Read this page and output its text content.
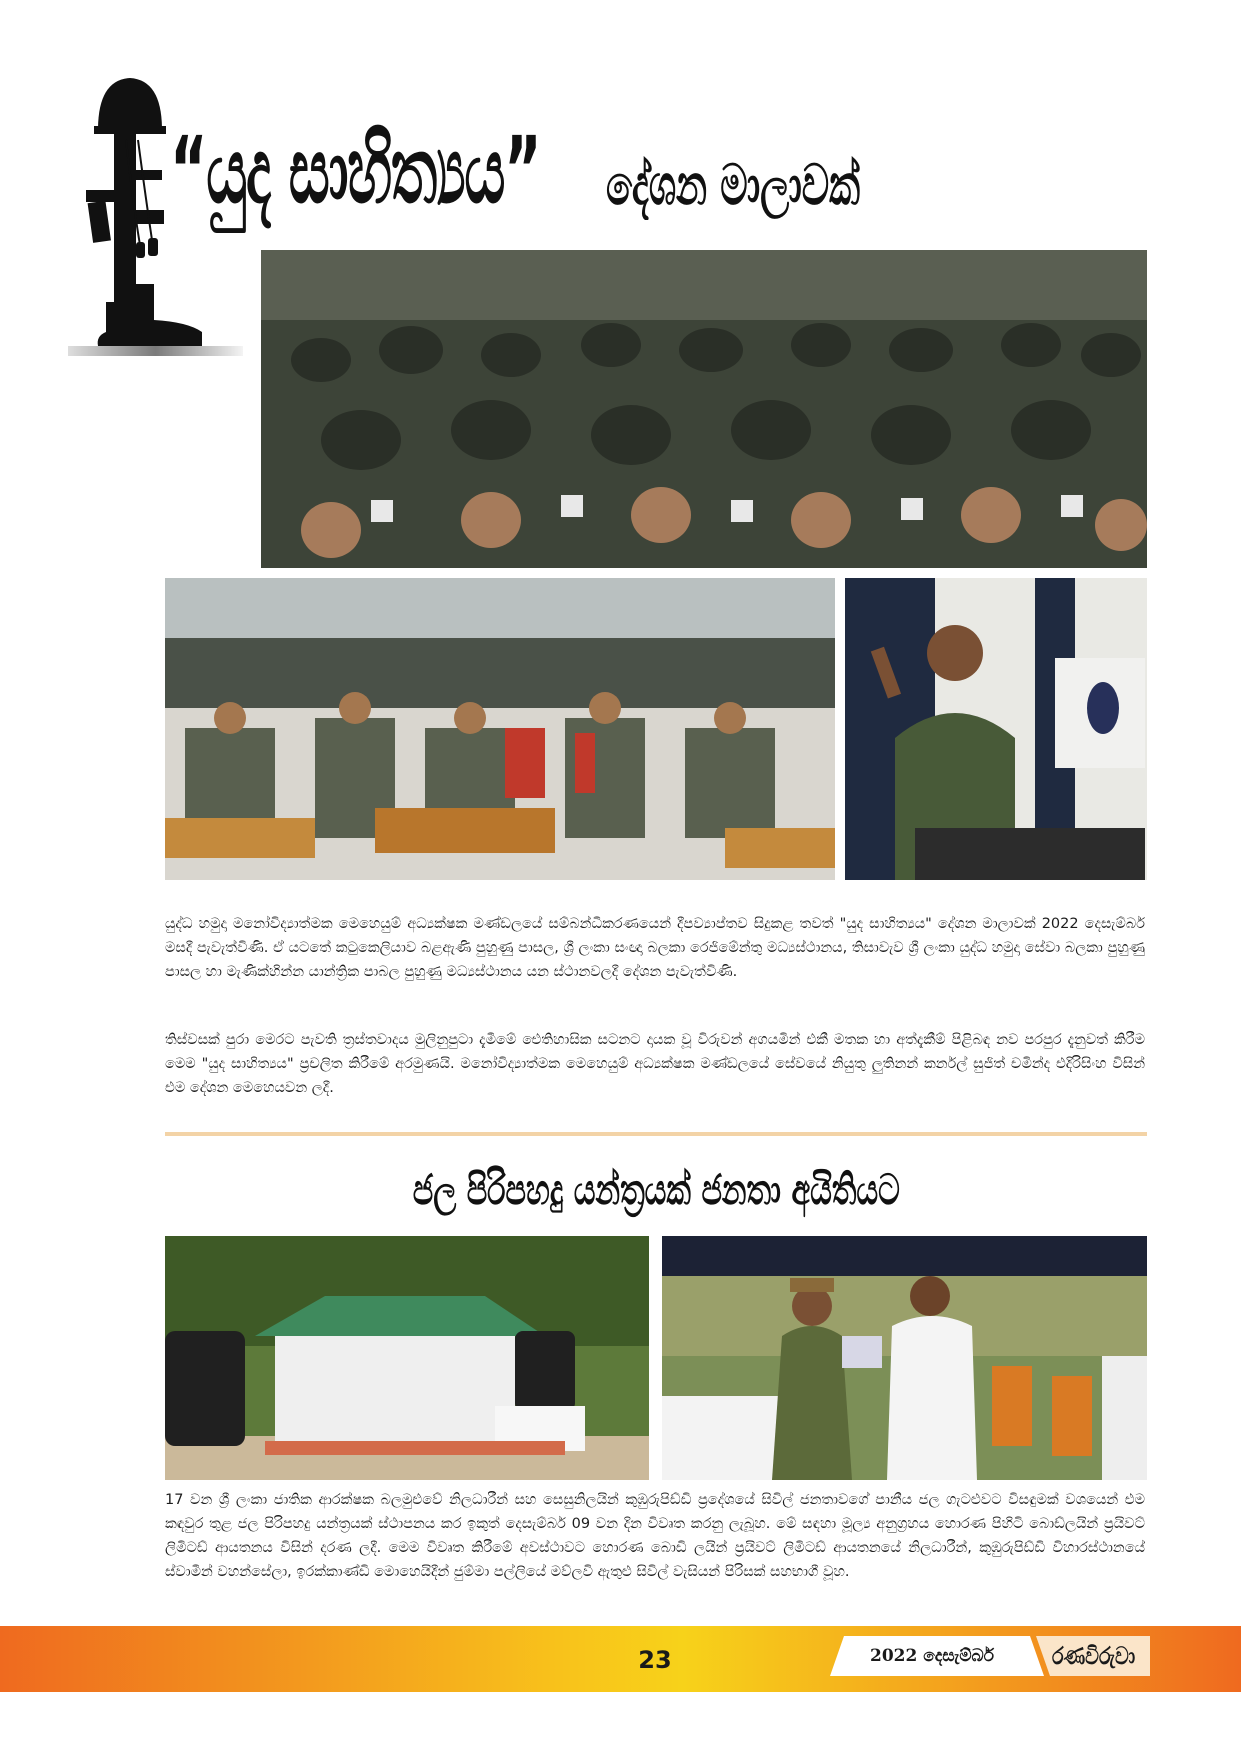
“යුද සාහිත්‍යය” දේශන මාලාවක්

යුද්ධ හමුදා මනෝවිද්‍යාත්මක මෙහෙයුම් අධ්‍යක්ෂක මණ්ඩලයේ සම්බන්ධීකරණයෙන් දීපව්‍යාප්තව සිදුකළ තවත් "යුද සාහිත්‍යය" දේශන මාලාවක් 2022 දෙසැම්බර් මසදී පැවැත්විණි. ඒ යටතේ කටුකෙලියාව බළඇණි පුහුණු පාසල, ශ්‍රී ලංකා සංඥා බලකා රෙජිමේන්තු මධ්‍යස්ථානය, තිසාවැව ශ්‍රී ලංකා යුද්ධ හමුදා සේවා බලකා පුහුණු පාසල හා මැණික්හින්න යාන්ත්‍රික පාබල පුහුණු මධ්‍යස්ථානය යන ස්ථානවලදී දේශන පැවැත්විණි.

තිස්වසක් පුරා මෙරට පැවති ත්‍රස්තවාදය මුලිනුපුටා දැමීමේ ඓතිහාසික සටනට දායක වූ විරුවන් අගයමින් එකී මතක හා අත්දැකීම් පිළිබඳ නව පරපුර දැනුවත් කිරීම මෙම "යුද සාහිත්‍යය" ප්‍රචලිත කිරීමේ අරමුණයි. මනෝවිද්‍යාත්මක මෙහෙයුම් අධ්‍යක්ෂක මණ්ඩලයේ සේවයේ නියුතු ලුතිනන් කර්නල් සුජිත් චමින්ද එදිරිසිංහ විසින් එම දේශන මෙහෙයවන ලදී.

ජල පිරිපහදු යන්ත්‍රයක් ජනතා අයිතියට

17 වන ශ්‍රී ලංකා ජාතික ආරක්ෂක බලමුළුවේ නිලධාරීන් සහ සෙසුනිලයින් කුඹුරුපිඩ්ඩි ප්‍රදේශයේ සිවිල් ජනතාවගේ පානීය ජල ගැටළුවට විසඳුමක් වශයෙන් එම කඳවුර තුළ ජල පිරිපහදු යන්ත්‍රයක් ස්ථාපනය කර ඉකුත් දෙසැම්බර් 09 වන දින විවෘත කරනු ලැබූහ. මේ සඳහා මූල්‍ය අනුග්‍රහය හොරණ පිහිටි බොඩ්ලයින් ප්‍රයිවට් ලිමිටඩ් ආයතනය විසින් දරණ ලදී. මෙම විවෘත කිරීමේ අවස්ථාවට හොරණ බොඩි ලයින් ප්‍රයිවට් ලිමිටඩ් ආයතනයේ නිලධාරීන්, කුඹුරුපිඩ්ඩි විහාරස්ථානයේ ස්වාමීන් වහන්සේලා, ඉරක්කාණ්ඩි මොහෙයිදීන් ජුම්මා පල්ලියේ මව්ලවි ඇතුළු සිවිල් වැසියන් පිරිසක් සහභාගී වූහ.

23	2022 දෙසැම්බර් රණවිරුවා
